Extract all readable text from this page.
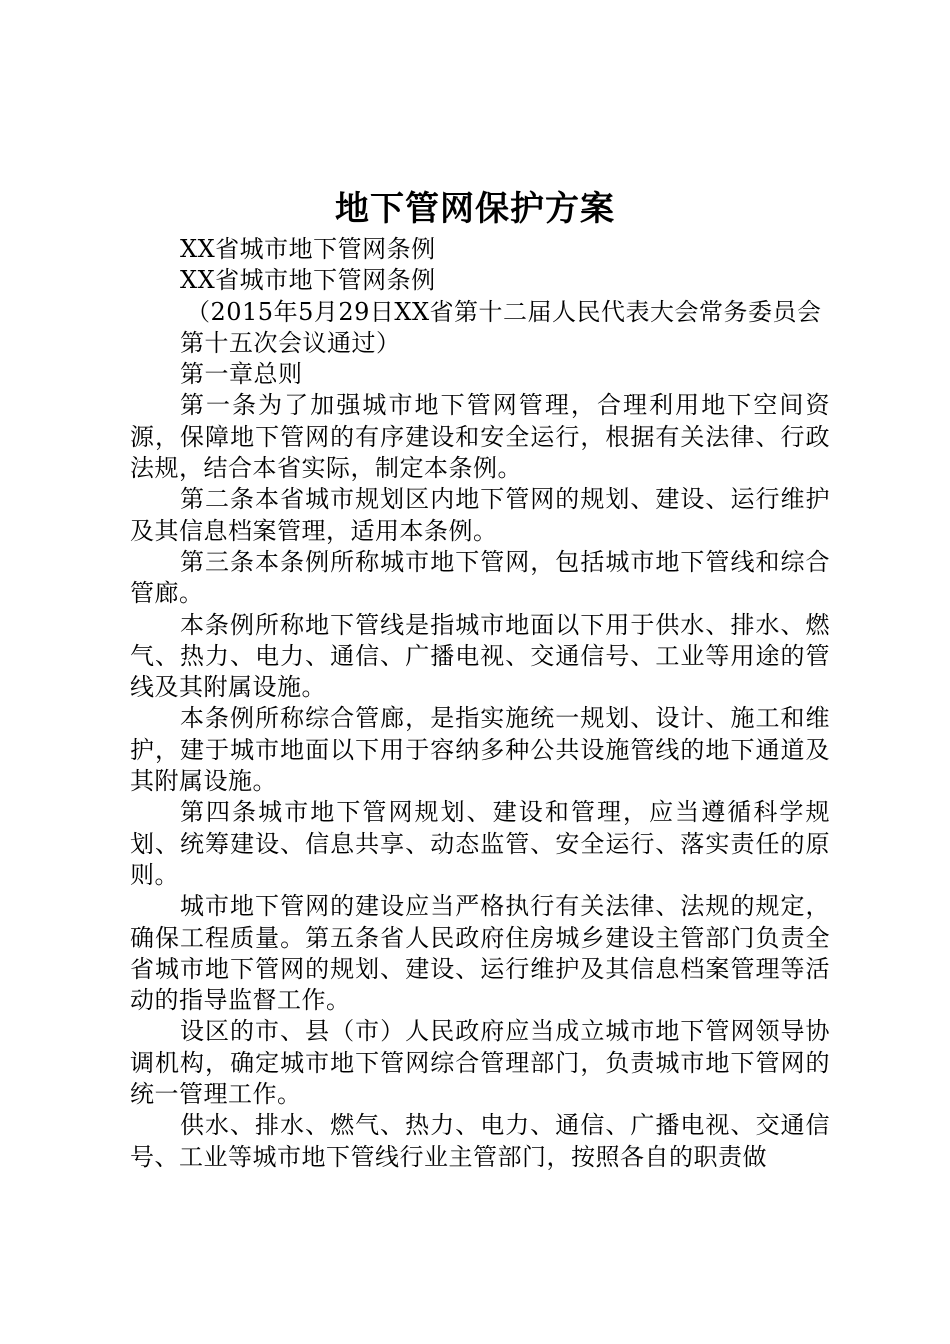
地下管网保护方案

XX省城市地下管网条例

XX省城市地下管网条例

（2015年5月29日XX省第十二届人民代表大会常务委员会

第十五次会议通过）

第一章总则

第一条为了加强城市地下管网管理，合理利用地下空间资源，保障地下管网的有序建设和安全运行，根据有关法律、行政法规，结合本省实际，制定本条例。

第二条本省城市规划区内地下管网的规划、建设、运行维护及其信息档案管理，适用本条例。

第三条本条例所称城市地下管网，包括城市地下管线和综合管廊。

本条例所称地下管线是指城市地面以下用于供水、排水、燃气、热力、电力、通信、广播电视、交通信号、工业等用途的管线及其附属设施。

本条例所称综合管廊，是指实施统一规划、设计、施工和维护，建于城市地面以下用于容纳多种公共设施管线的地下通道及其附属设施。

第四条城市地下管网规划、建设和管理，应当遵循科学规划、统筹建设、信息共享、动态监管、安全运行、落实责任的原则。

城市地下管网的建设应当严格执行有关法律、法规的规定，确保工程质量。第五条省人民政府住房城乡建设主管部门负责全省城市地下管网的规划、建设、运行维护及其信息档案管理等活动的指导监督工作。

设区的市、县（市）人民政府应当成立城市地下管网领导协调机构，确定城市地下管网综合管理部门，负责城市地下管网的统一管理工作。

供水、排水、燃气、热力、电力、通信、广播电视、交通信号、工业等城市地下管线行业主管部门，按照各自的职责做
